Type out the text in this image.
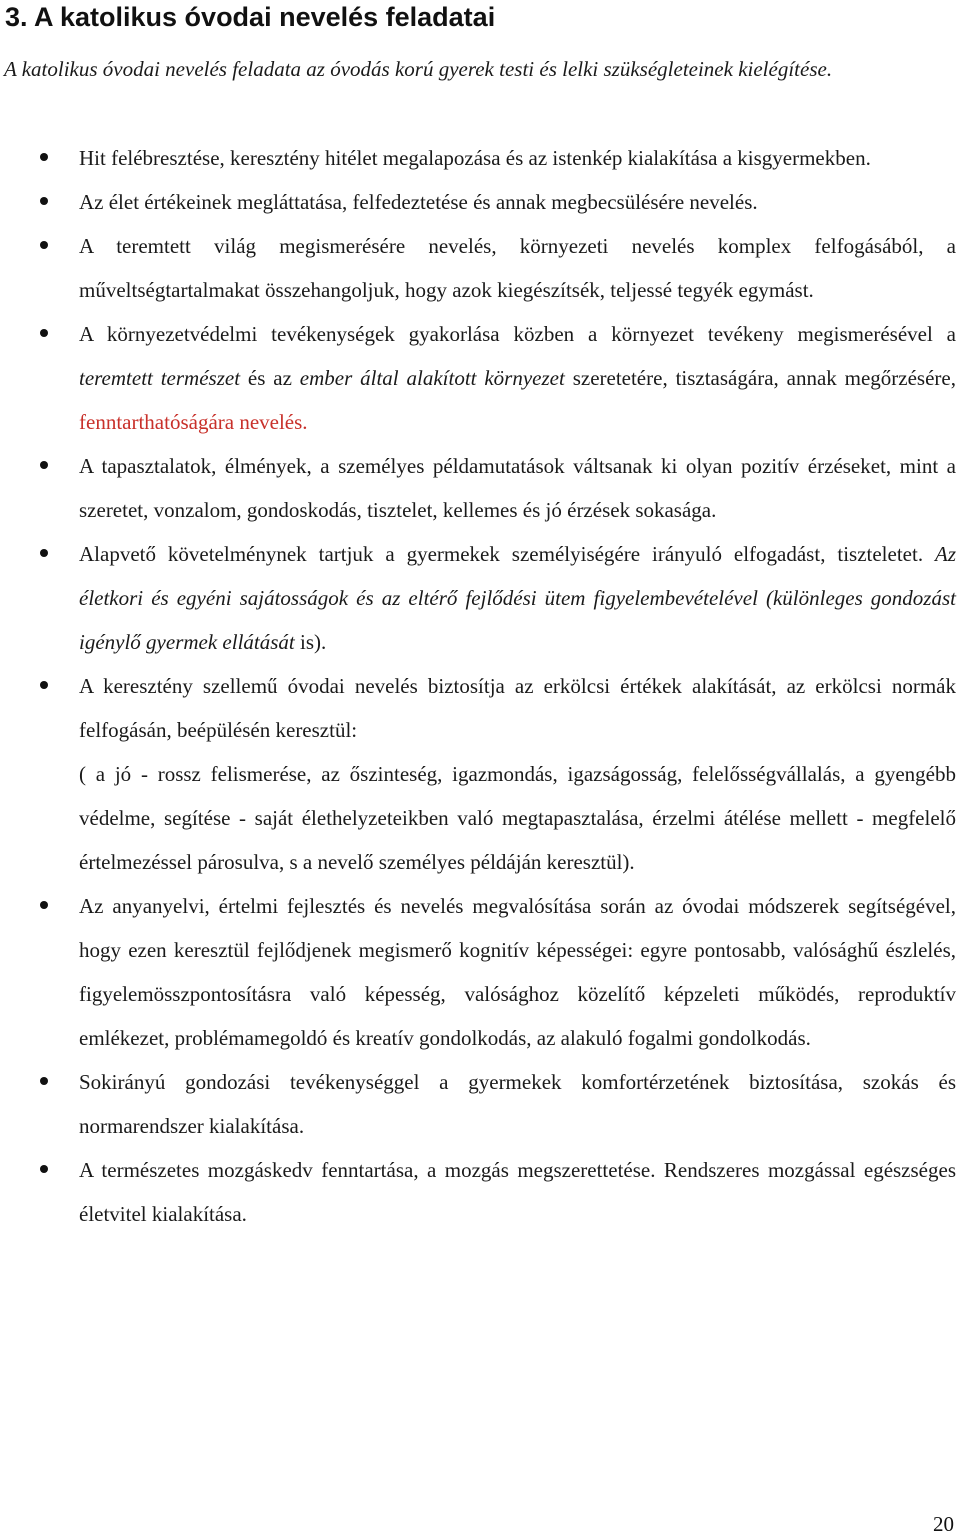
3. A katolikus óvodai nevelés feladatai

A katolikus óvodai nevelés feladata az óvodás korú gyerek testi és lelki szükségleteinek kielégítése.

Hit felébresztése, keresztény hitélet megalapozása és az istenkép kialakítása a kisgyermekben.
Az élet értékeinek megláttatása, felfedeztetése és annak megbecsülésére nevelés.
A teremtett világ megismerésére nevelés, környezeti nevelés komplex felfogásából, a műveltségtartalmakat összehangoljuk, hogy azok kiegészítsék, teljessé tegyék egymást.
A környezetvédelmi tevékenységek gyakorlása közben a környezet tevékeny megismerésével a teremtett természet és az ember által alakított környezet szeretetére, tisztaságára, annak megőrzésére, fenntarthatóságára nevelés.
A tapasztalatok, élmények, a személyes példamutatások váltsanak ki olyan pozitív érzéseket, mint a szeretet, vonzalom, gondoskodás, tisztelet, kellemes és jó érzések sokasága.
Alapvető követelménynek tartjuk a gyermekek személyiségére irányuló elfogadást, tiszteletet. Az életkori és egyéni sajátosságok és az eltérő fejlődési ütem figyelembevételével (különleges gondozást igénylő gyermek ellátását is).
A keresztény szellemű óvodai nevelés biztosítja az erkölcsi értékek alakítását, az erkölcsi normák felfogásán, beépülésén keresztül:
( a jó - rossz felismerése, az őszinteség, igazmondás, igazságosság, felelősségvállalás, a gyengébb védelme, segítése - saját élethelyzeteikben való megtapasztalása, érzelmi átélése mellett - megfelelő értelmezéssel párosulva, s a nevelő személyes példáján keresztül).
Az anyanyelvi, értelmi fejlesztés és nevelés megvalósítása során az óvodai módszerek segítségével, hogy ezen keresztül fejlődjenek megismerő kognitív képességei: egyre pontosabb, valósághű észlelés, figyelemösszpontosításra való képesség, valósághoz közelítő képzeleti működés, reproduktív emlékezet, problémamegoldó és kreatív gondolkodás, az alakuló fogalmi gondolkodás.
Sokirányú gondozási tevékenységgel a gyermekek komfortérzetének biztosítása, szokás és normarendszer kialakítása.
A természetes mozgáskedv fenntartása, a mozgás megszerettetése. Rendszeres mozgással egészséges életvitel kialakítása.
20
